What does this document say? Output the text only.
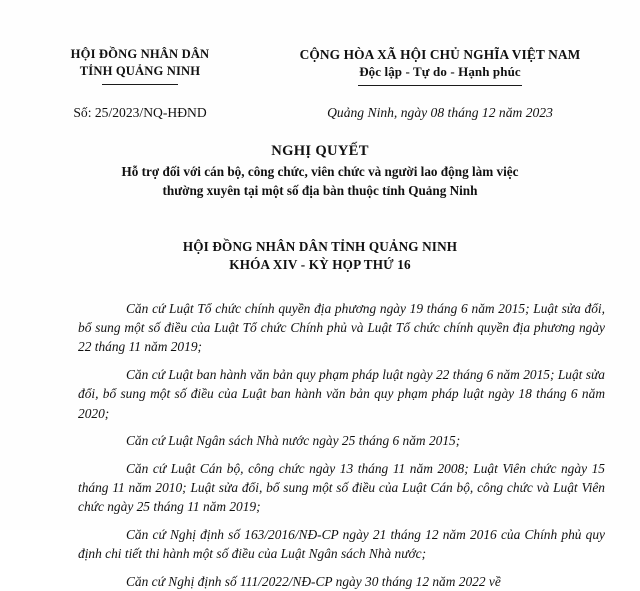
HỘI ĐỒNG NHÂN DÂN
TỈNH QUẢNG NINH
CỘNG HÒA XÃ HỘI CHỦ NGHĨA VIỆT NAM
Độc lập - Tự do - Hạnh phúc
Số: 25/2023/NQ-HĐND	Quảng Ninh, ngày 08 tháng 12 năm 2023
NGHỊ QUYẾT
Hỗ trợ đối với cán bộ, công chức, viên chức và người lao động làm việc
thường xuyên tại một số địa bàn thuộc tỉnh Quảng Ninh
HỘI ĐỒNG NHÂN DÂN TỈNH QUẢNG NINH
KHÓA XIV - KỲ HỌP THỨ 16

Căn cứ Luật Tổ chức chính quyền địa phương ngày 19 tháng 6 năm 2015; Luật sửa đổi, bổ sung một số điều của Luật Tổ chức Chính phủ và Luật Tổ chức chính quyền địa phương ngày 22 tháng 11 năm 2019;

Căn cứ Luật ban hành văn bản quy phạm pháp luật ngày 22 tháng 6 năm 2015; Luật sửa đổi, bổ sung một số điều của Luật ban hành văn bản quy phạm pháp luật ngày 18 tháng 6 năm 2020;

Căn cứ Luật Ngân sách Nhà nước ngày 25 tháng 6 năm 2015;

Căn cứ Luật Cán bộ, công chức ngày 13 tháng 11 năm 2008; Luật Viên chức ngày 15 tháng 11 năm 2010; Luật sửa đổi, bổ sung một số điều của Luật Cán bộ, công chức và Luật Viên chức ngày 25 tháng 11 năm 2019;

Căn cứ Nghị định số 163/2016/NĐ-CP ngày 21 tháng 12 năm 2016 của Chính phủ quy định chi tiết thi hành một số điều của Luật Ngân sách Nhà nước;

Căn cứ Nghị định số 111/2022/NĐ-CP ngày 30 tháng 12 năm 2022 về
